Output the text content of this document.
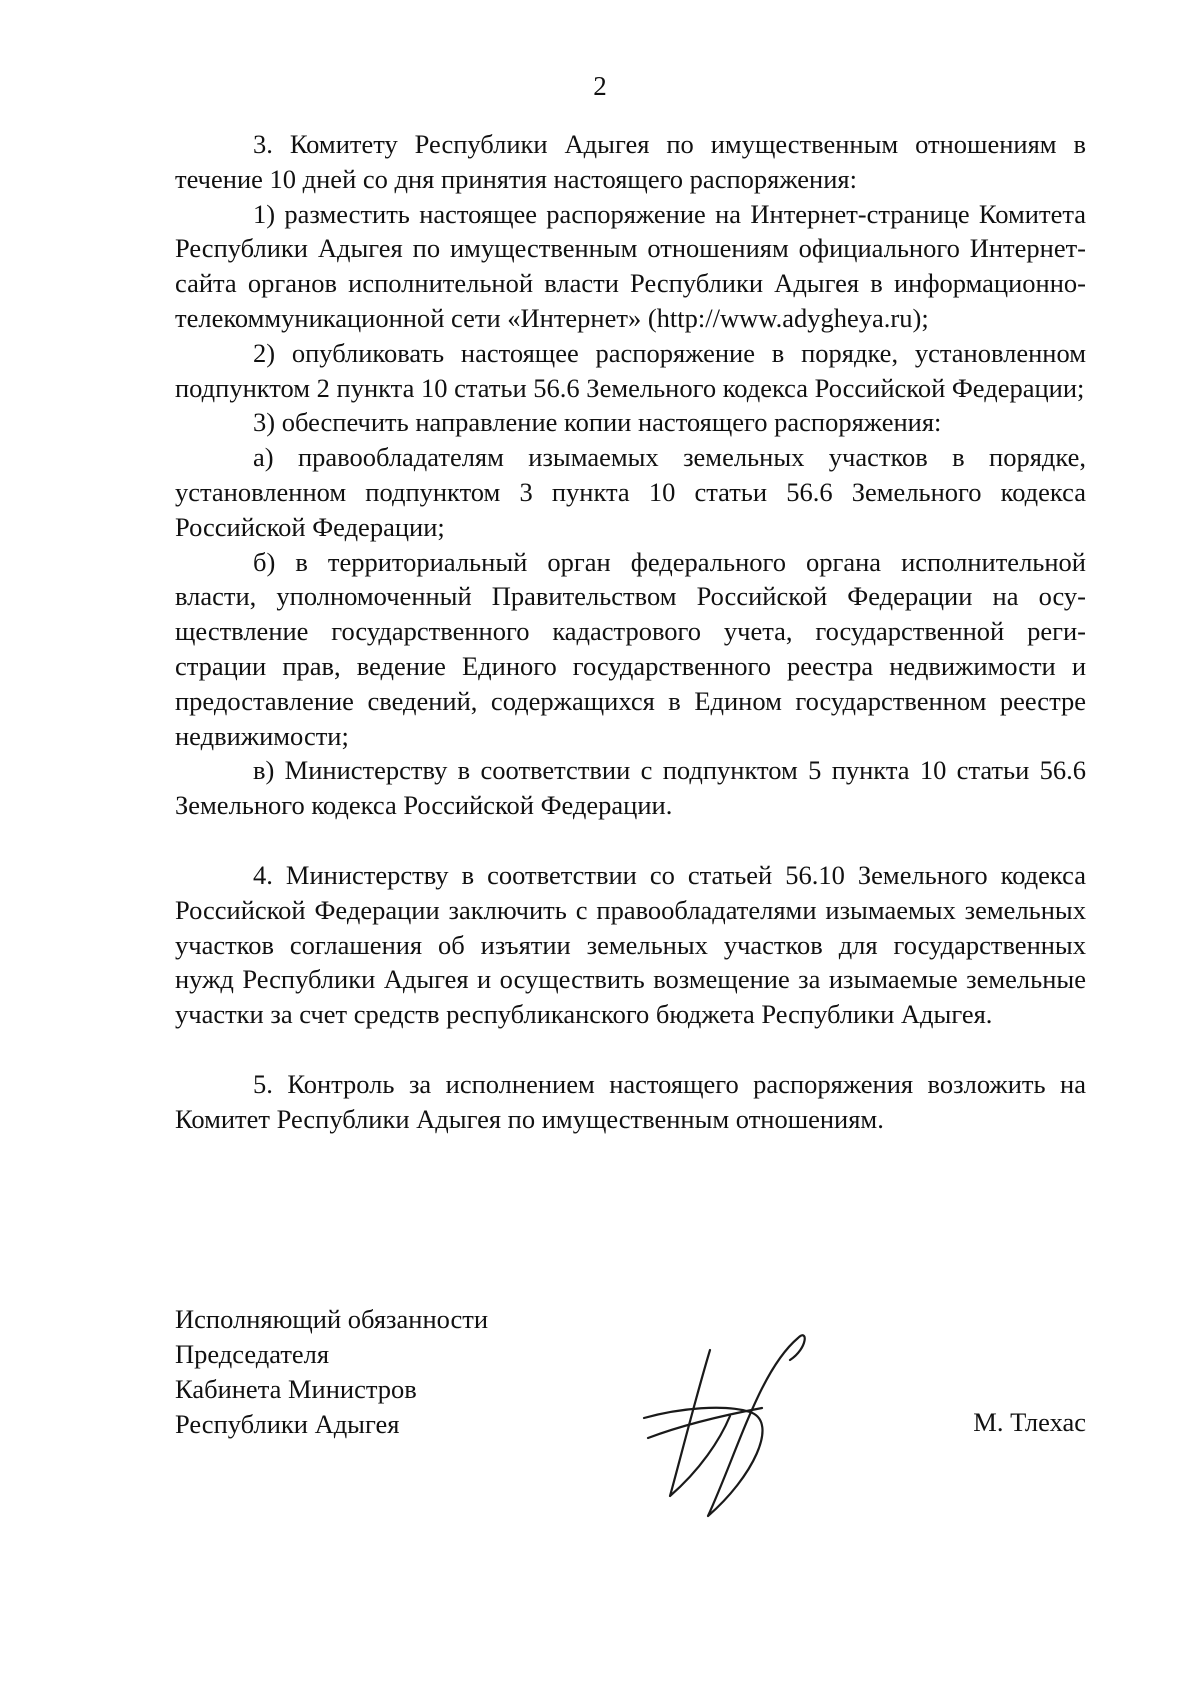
2

3. Комитету Республики Адыгея по имущественным отношениям в течение 10 дней со дня принятия настоящего распоряжения:

1) разместить настоящее распоряжение на Интернет-странице Комитета Республики Адыгея по имущественным отношениям официального Интернет-сайта органов исполнительной власти Республики Адыгея в информационно-телекоммуникационной сети «Интернет» (http://www.adygheya.ru);

2) опубликовать настоящее распоряжение в порядке, установленном подпунктом 2 пункта 10 статьи 56.6 Земельного кодекса Российской Федерации;

3) обеспечить направление копии настоящего распоряжения:

а) правообладателям изымаемых земельных участков в порядке, установленном подпунктом 3 пункта 10 статьи 56.6 Земельного кодекса Российской Федерации;

б) в территориальный орган федерального органа исполнительной власти, уполномоченный Правительством Российской Федерации на осуществление государственного кадастрового учета, государственной регистрации прав, ведение Единого государственного реестра недвижимости и предоставление сведений, содержащихся в Едином государственном реестре недвижимости;

в) Министерству в соответствии с подпунктом 5 пункта 10 статьи 56.6 Земельного кодекса Российской Федерации.

4. Министерству в соответствии со статьей 56.10 Земельного кодекса Российской Федерации заключить с правообладателями изымаемых земельных участков соглашения об изъятии земельных участков для государственных нужд Республики Адыгея и осуществить возмещение за изымаемые земельные участки за счет средств республиканского бюджета Республики Адыгея.

5. Контроль за исполнением настоящего распоряжения возложить на Комитет Республики Адыгея по имущественным отношениям.

Исполняющий обязанности
Председателя
Кабинета Министров
Республики Адыгея	М. Тлехас
